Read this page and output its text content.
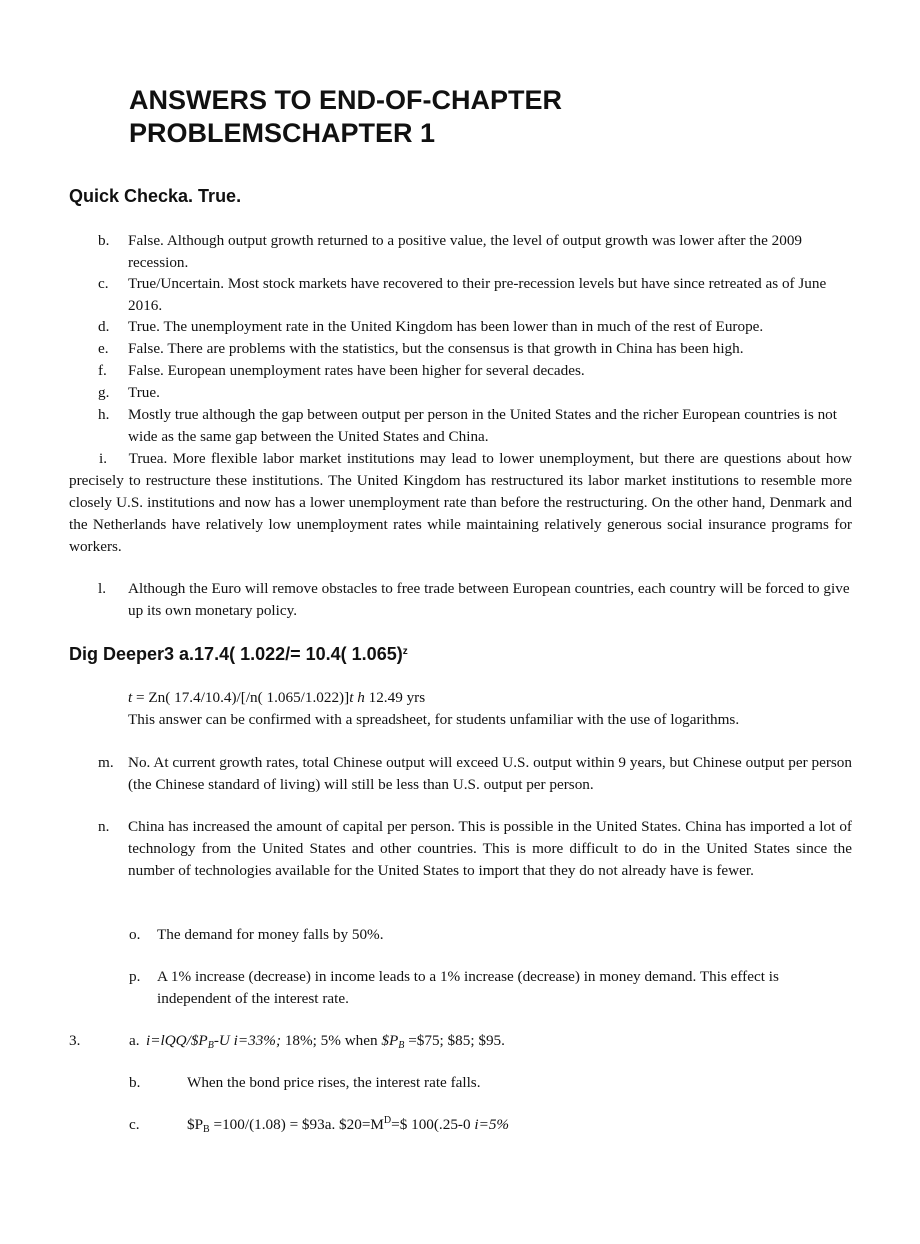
ANSWERS TO END-OF-CHAPTER
PROBLEMSCHAPTER 1
Quick Checka. True.
b. False. Although output growth returned to a positive value, the level of output growth was lower after the 2009 recession.
c. True/Uncertain. Most stock markets have recovered to their pre-recession levels but have since retreated as of June 2016.
d. True. The unemployment rate in the United Kingdom has been lower than in much of the rest of Europe.
e. False. There are problems with the statistics, but the consensus is that growth in China has been high.
f. False. European unemployment rates have been higher for several decades.
g. True.
h. Mostly true although the gap between output per person in the United States and the richer European countries is not wide as the same gap between the United States and China.
i. Truea. More flexible labor market institutions may lead to lower unemployment, but there are questions about how precisely to restructure these institutions. The United Kingdom has restructured its labor market institutions to resemble more closely U.S. institutions and now has a lower unemployment rate than before the restructuring. On the other hand, Denmark and the Netherlands have relatively low unemployment rates while maintaining relatively generous social insurance programs for workers.
l. Although the Euro will remove obstacles to free trade between European countries, each country will be forced to give up its own monetary policy.
Dig Deeper3 a.17.4( 1.022/= 10.4( 1.065)$^z$
t = Zn( 17.4/10.4)/[/n( 1.065/1.022)]t h 12.49 yrs
This answer can be confirmed with a spreadsheet, for students unfamiliar with the use of logarithms.
m. No. At current growth rates, total Chinese output will exceed U.S. output within 9 years, but Chinese output per person (the Chinese standard of living) will still be less than U.S. output per person.
n. China has increased the amount of capital per person. This is possible in the United States. China has imported a lot of technology from the United States and other countries. This is more difficult to do in the United States since the number of technologies available for the United States to import that they do not already have is fewer.
o. The demand for money falls by 50%.
p. A 1% increase (decrease) in income leads to a 1% increase (decrease) in money demand. This effect is independent of the interest rate.
3.	a. $i=lQQ/\$P_B-U$ i=33%; 18%; 5% when $\$P_B$ =$75; $85; $95.
b.	When the bond price rises, the interest rate falls.
c.	$\$P_B =100/(1.08)$ = $93a. $\$20=M^D=\$$ 100(.25-0 i=5%
